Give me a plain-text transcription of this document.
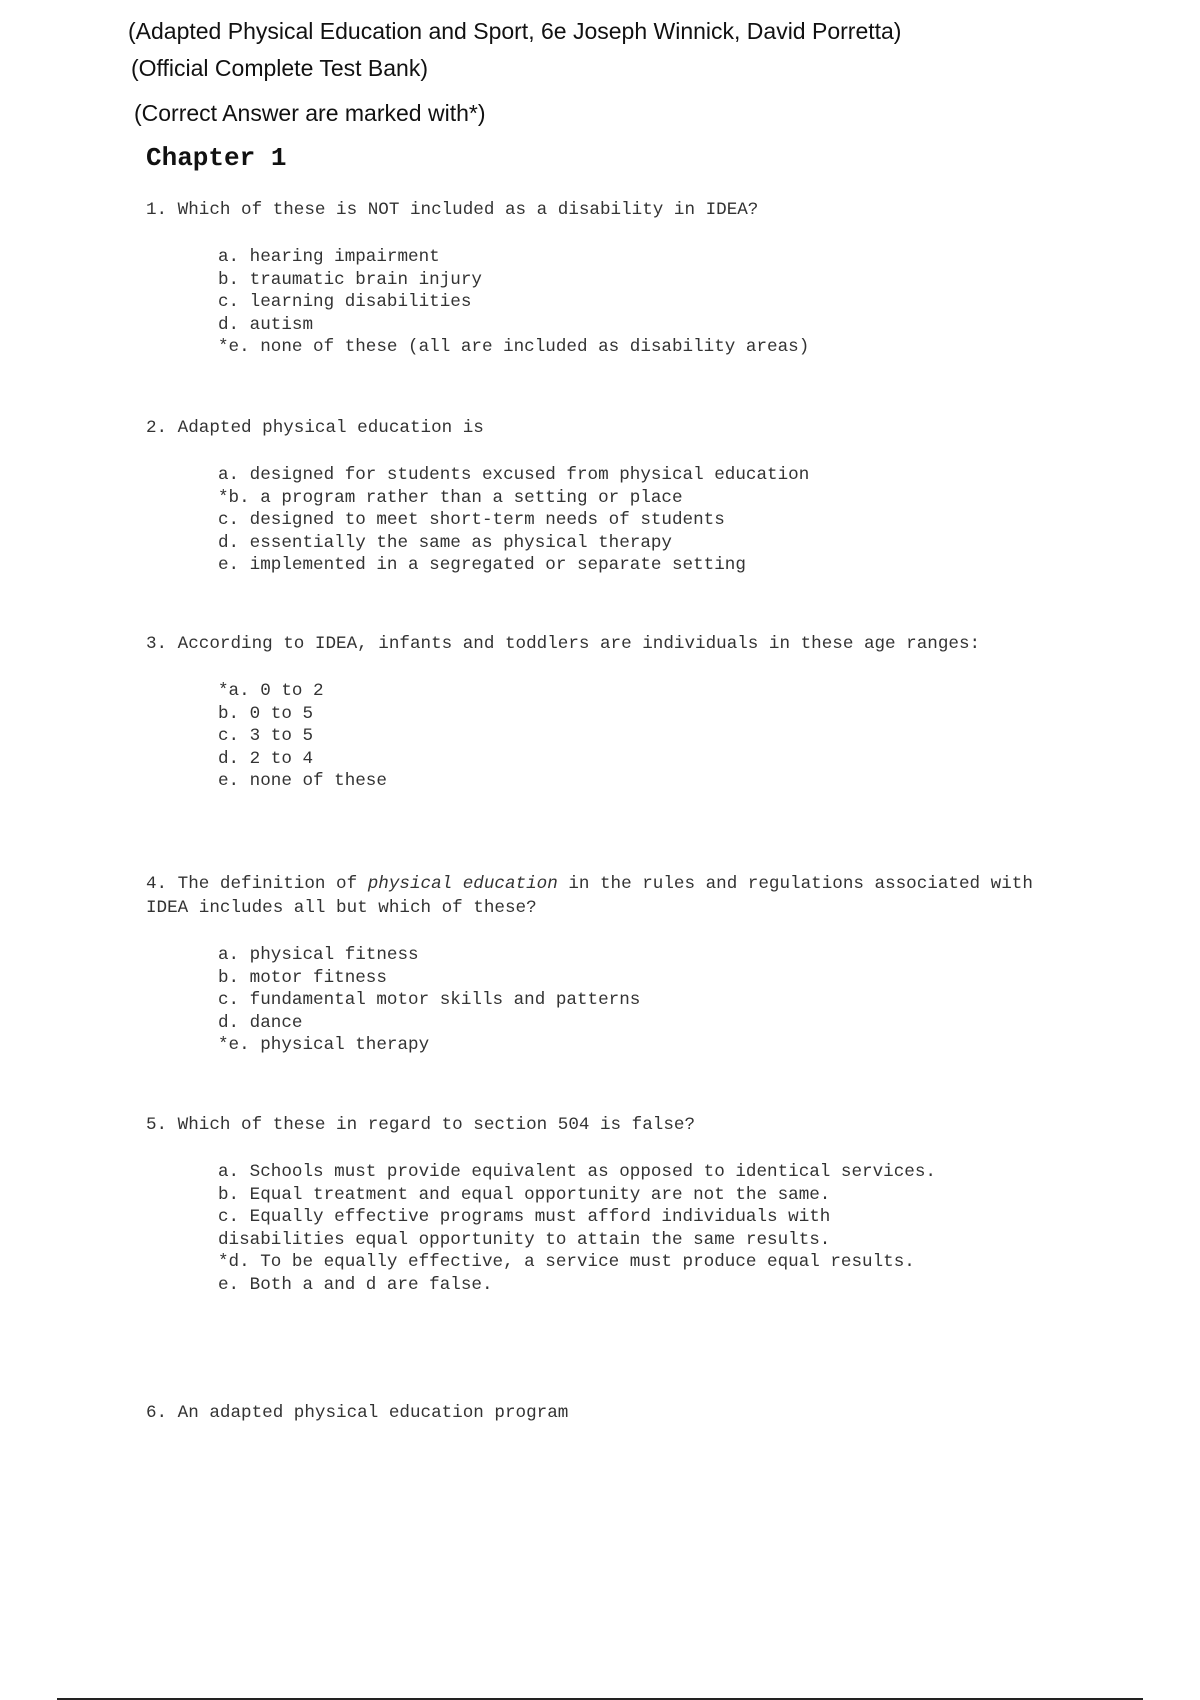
(Adapted Physical Education and Sport, 6e Joseph Winnick, David Porretta)
(Official Complete Test Bank)
(Correct Answer are marked with*)
Chapter 1

1. Which of these is NOT included as a disability in IDEA?

a. hearing impairment
b. traumatic brain injury
c. learning disabilities
d. autism
*e. none of these (all are included as disability areas)

2. Adapted physical education is

a. designed for students excused from physical education
*b. a program rather than a setting or place
c. designed to meet short-term needs of students
d. essentially the same as physical therapy
e. implemented in a segregated or separate setting

3. According to IDEA, infants and toddlers are individuals in these age ranges:

*a. 0 to 2
b. 0 to 5
c. 3 to 5
d. 2 to 4
e. none of these

4. The definition of physical education in the rules and regulations associated with IDEA includes all but which of these?

a. physical fitness
b. motor fitness
c. fundamental motor skills and patterns
d. dance
*e. physical therapy

5. Which of these in regard to section 504 is false?

a. Schools must provide equivalent as opposed to identical services.
b. Equal treatment and equal opportunity are not the same.
c. Equally effective programs must afford individuals with disabilities equal opportunity to attain the same results.
*d. To be equally effective, a service must produce equal results.
e. Both a and d are false.

6. An adapted physical education program
